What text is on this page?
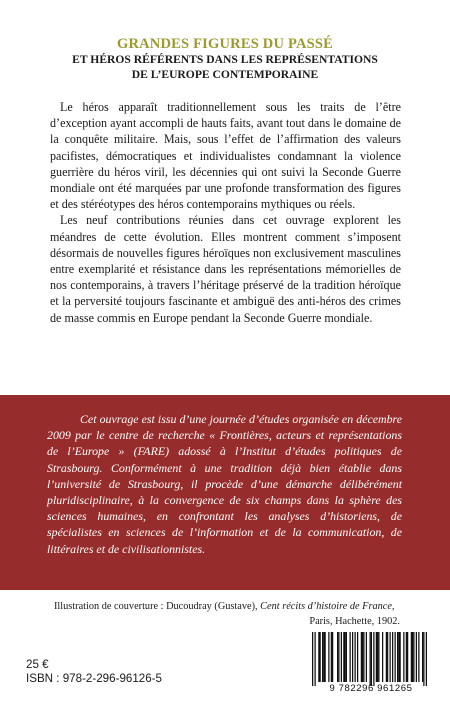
GRANDES FIGURES DU PASSÉ
ET HÉROS RÉFÉRENTS DANS LES REPRÉSENTATIONS
DE L’EUROPE CONTEMPORAINE

Le héros apparaît traditionnellement sous les traits de l’être d’exception ayant accompli de hauts faits, avant tout dans le domaine de la conquête militaire. Mais, sous l’effet de l’affirmation des valeurs pacifistes, démocratiques et individualistes condamnant la violence guerrière du héros viril, les décennies qui ont suivi la Seconde Guerre mondiale ont été marquées par une profonde transformation des figures et des stéréotypes des héros contemporains mythiques ou réels.

Les neuf contributions réunies dans cet ouvrage explorent les méandres de cette évolution. Elles montrent comment s’imposent désormais de nouvelles figures héroïques non exclusivement masculines entre exemplarité et résistance dans les représentations mémorielles de nos contemporains, à travers l’héritage préservé de la tradition héroïque et la perversité toujours fascinante et ambiguë des anti-héros des crimes de masse commis en Europe pendant la Seconde Guerre mondiale.

Cet ouvrage est issu d’une journée d’études organisée en décembre 2009 par le centre de recherche « Frontières, acteurs et représentations de l’Europe » (FARE) adossé à l’Institut d’études politiques de Strasbourg. Conformément à une tradition déjà bien établie dans l’université de Strasbourg, il procède d’une démarche délibérément pluridisciplinaire, à la convergence de six champs dans la sphère des sciences humaines, en confrontant les analyses d’historiens, de spécialistes en sciences de l’information et de la communication, de littéraires et de civilisationnistes.

Illustration de couverture : Ducoudray (Gustave), Cent récits d’histoire de France,
Paris, Hachette, 1902.
25 €
ISBN : 978-2-296-96126-5
9 782296 961265
